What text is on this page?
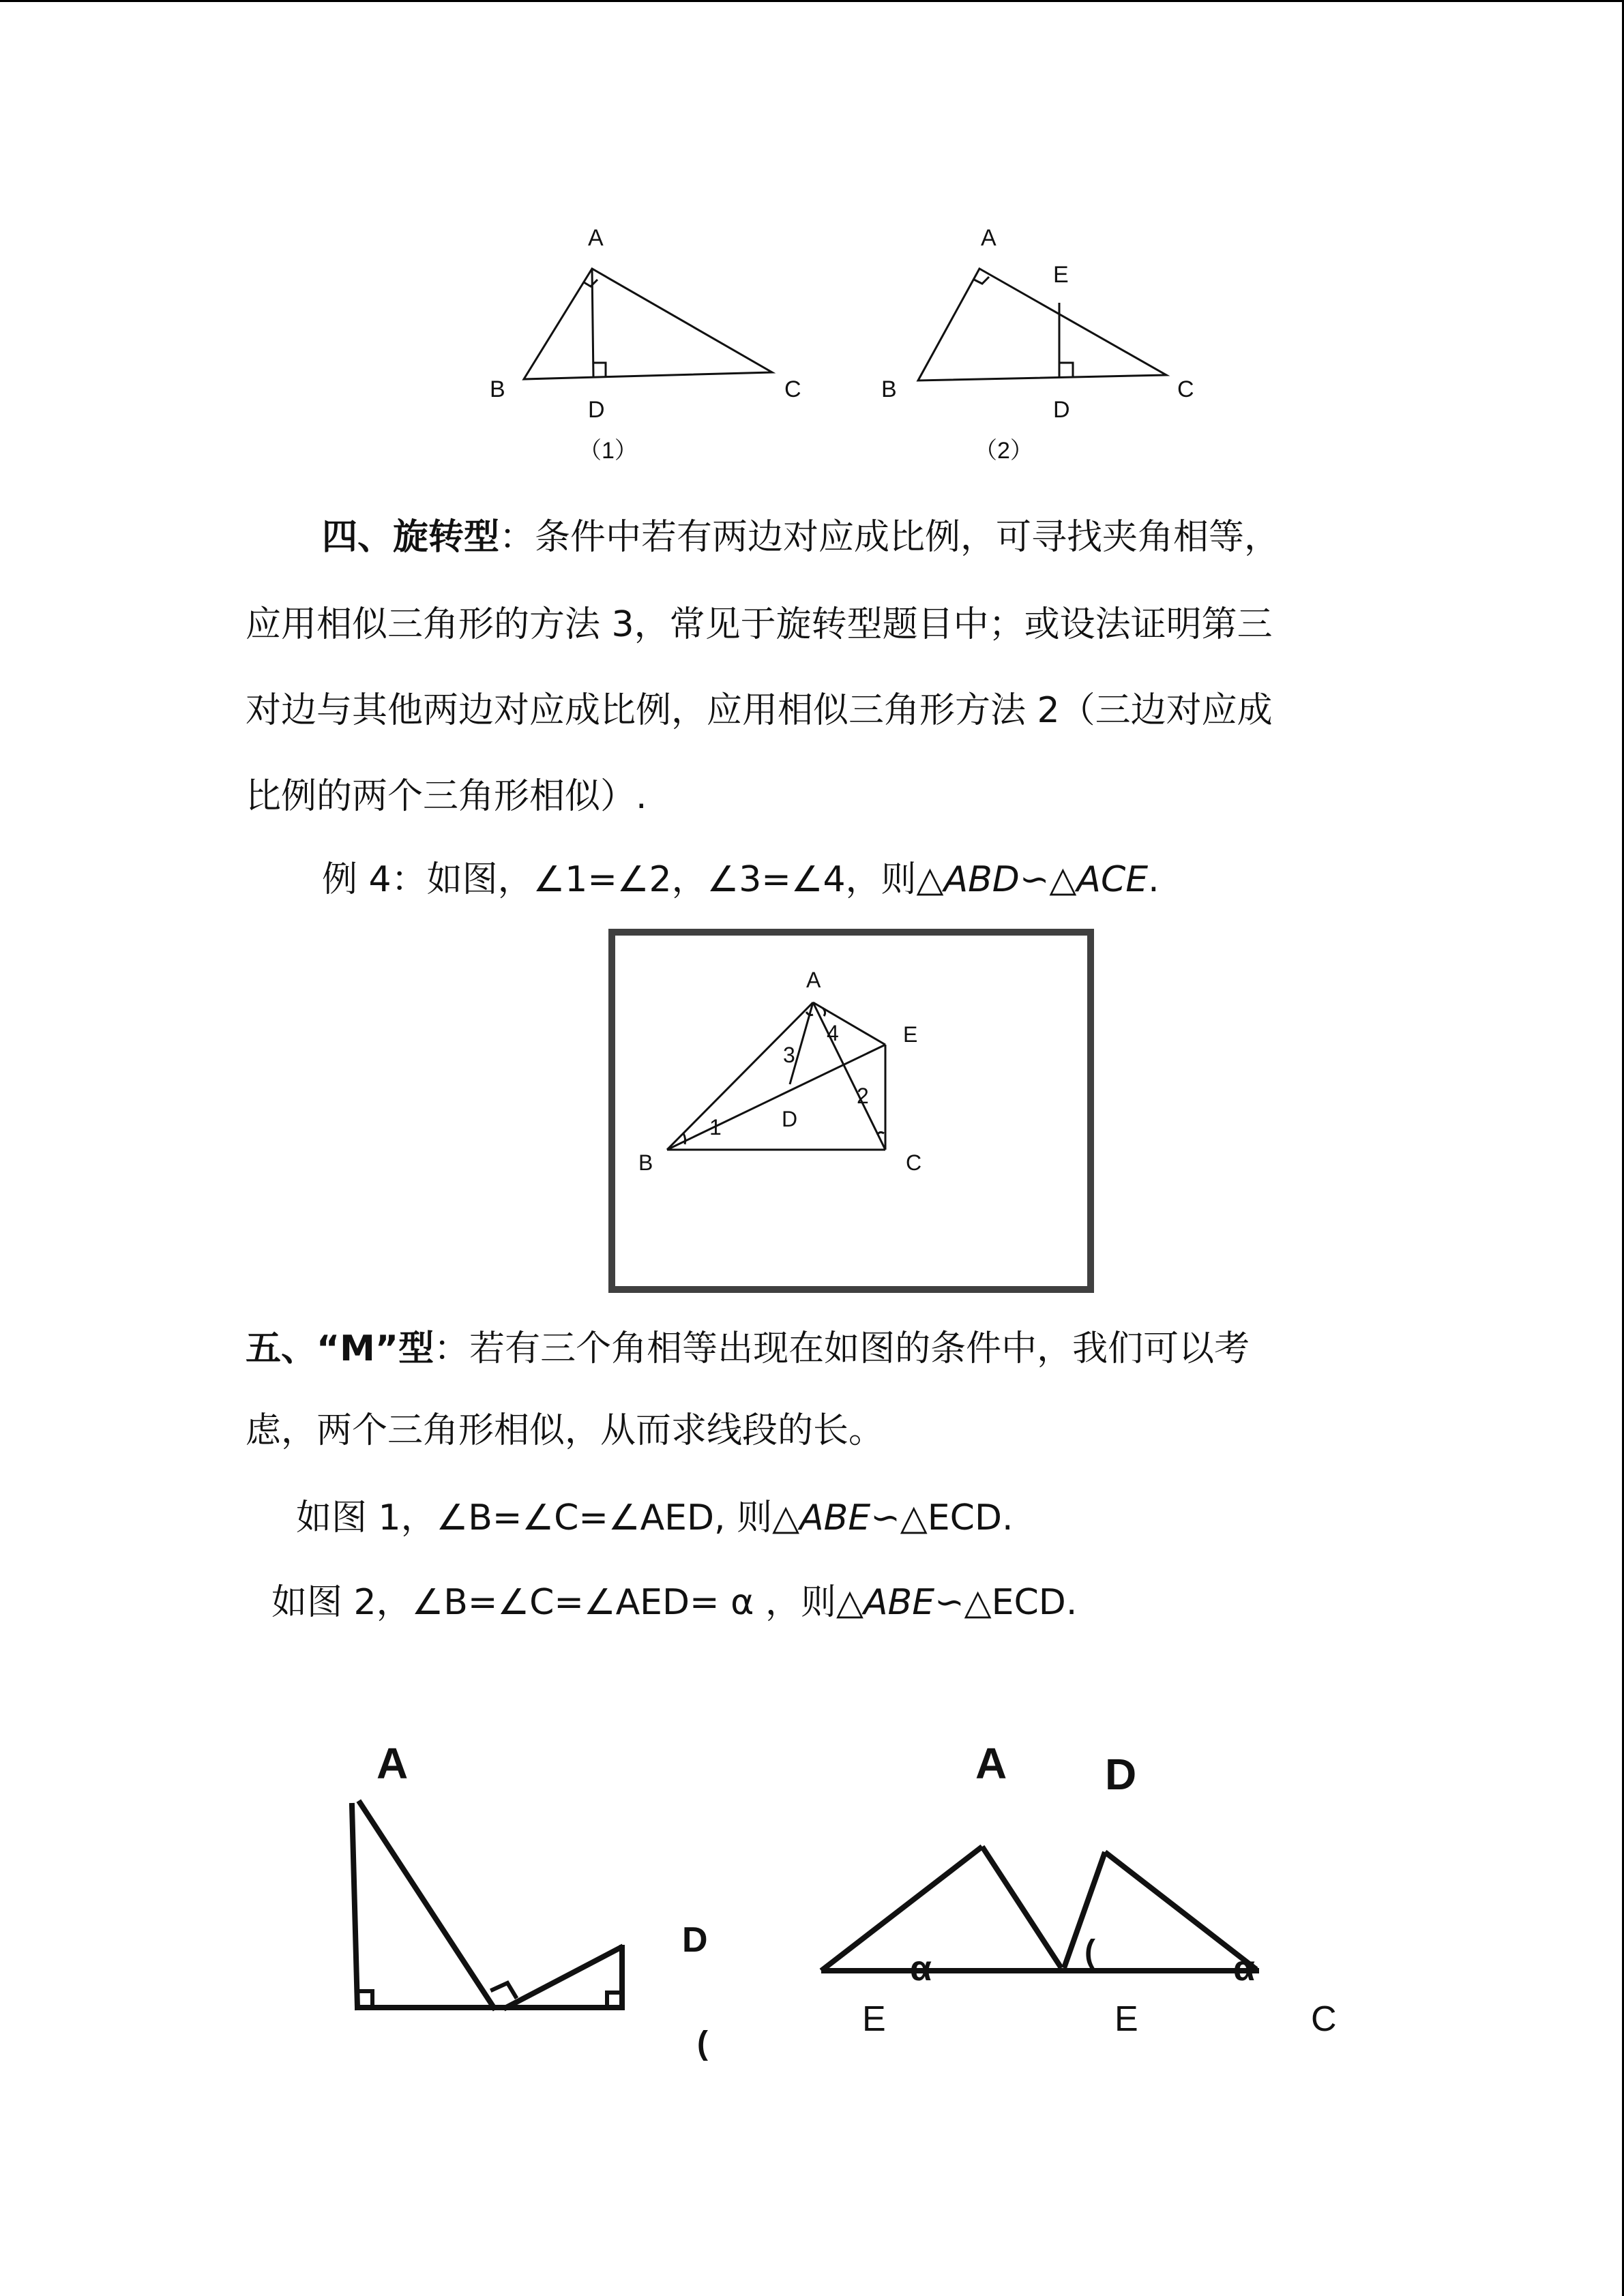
A
B	C
D
（1）
A
E
B	C
D
（2）
四、旋转型：条件中若有两边对应成比例，可寻找夹角相等，
应用相似三角形的方法 3，常见于旋转型题目中；或设法证明第三
对边与其他两边对应成比例，应用相似三角形方法 2（三边对应成
比例的两个三角形相似）.
例 4：如图，∠1=∠2，∠3=∠4，则△ABD∽△ACE.
A
E
B	C
D
1
2
3
4
五、“M”型：若有三个角相等出现在如图的条件中，我们可以考
虑，两个三角形相似，从而求线段的长。
如图 1，∠B=∠C=∠AED, 则△ABE∽△ECD.
如图 2，∠B=∠C=∠AED= α ，则△ABE∽△ECD.
A
D
(
A D
E	E	C
α	(	α
